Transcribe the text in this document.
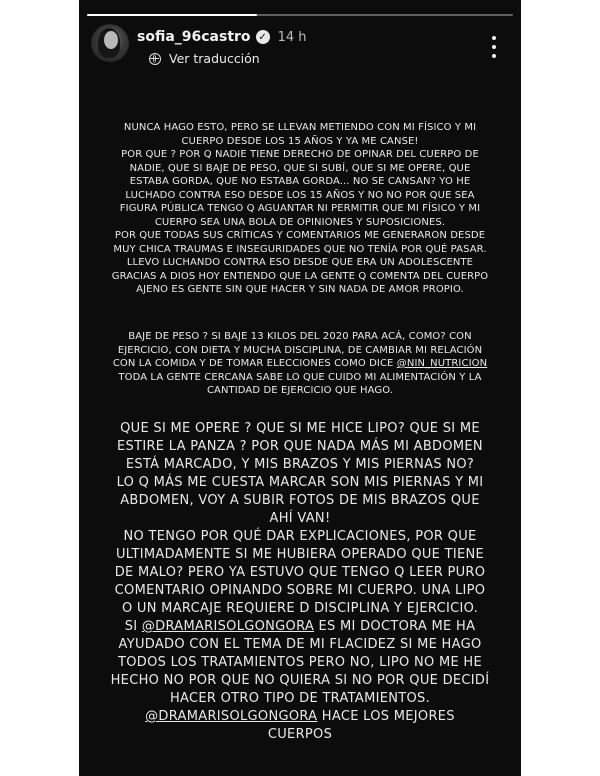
sofia_96castro ✓ 14 h
Ver traducción

NUNCA HAGO ESTO, PERO SE LLEVAN METIENDO CON MI FÍSICO Y MI
CUERPO DESDE LOS 15 AÑOS Y YA ME CANSE!
POR QUE ? POR Q NADIE TIENE DERECHO DE OPINAR DEL CUERPO DE
NADIE, QUE SI BAJE DE PESO, QUE SI SUBÍ, QUE SI ME OPERE, QUE
ESTABA GORDA, QUE NO ESTABA GORDA... NO SE CANSAN? YO HE
LUCHADO CONTRA ESO DESDE LOS 15 AÑOS Y NO NO POR QUE SEA
FIGURA PÚBLICA TENGO Q AGUANTAR NI PERMITIR QUE MI FÍSICO Y MI
CUERPO SEA UNA BOLA DE OPINIONES Y SUPOSICIONES.
POR QUE TODAS SUS CRÍTICAS Y COMENTARIOS ME GENERARON DESDE
MUY CHICA TRAUMAS E INSEGURIDADES QUE NO TENÍA POR QUÉ PASAR.
LLEVO LUCHANDO CONTRA ESO DESDE QUE ERA UN ADOLESCENTE
GRACIAS A DIOS HOY ENTIENDO QUE LA GENTE Q COMENTA DEL CUERPO
AJENO ES GENTE SIN QUE HACER Y SIN NADA DE AMOR PROPIO.

BAJE DE PESO ? SI BAJE 13 KILOS DEL 2020 PARA ACÁ, COMO? CON
EJERCICIO, CON DIETA Y MUCHA DISCIPLINA, DE CAMBIAR MI RELACIÓN
CON LA COMIDA Y DE TOMAR ELECCIONES COMO DICE @NIN_NUTRICION
TODA LA GENTE CERCANA SABE LO QUE CUIDO MI ALIMENTACIÓN Y LA
CANTIDAD DE EJERCICIO QUE HAGO.

QUE SI ME OPERE ? QUE SI ME HICE LIPO? QUE SI ME
ESTIRE LA PANZA ? POR QUE NADA MÁS MI ABDOMEN
ESTÁ MARCADO, Y MIS BRAZOS Y MIS PIERNAS NO?
LO Q MÁS ME CUESTA MARCAR SON MIS PIERNAS Y MI
ABDOMEN, VOY A SUBIR FOTOS DE MIS BRAZOS QUE
AHÍ VAN!
NO TENGO POR QUÉ DAR EXPLICACIONES, POR QUE
ULTIMADAMENTE SI ME HUBIERA OPERADO QUE TIENE
DE MALO? PERO YA ESTUVO QUE TENGO Q LEER PURO
COMENTARIO OPINANDO SOBRE MI CUERPO. UNA LIPO
O UN MARCAJE REQUIERE D DISCIPLINA Y EJERCICIO.
SI @DRAMARISOLGONGORA ES MI DOCTORA ME HA
AYUDADO CON EL TEMA DE MI FLACIDEZ SI ME HAGO
TODOS LOS TRATAMIENTOS PERO NO, LIPO NO ME HE
HECHO NO POR QUE NO QUIERA SI NO POR QUE DECIDÍ
HACER OTRO TIPO DE TRATAMIENTOS.
@DRAMARISOLGONGORA HACE LOS MEJORES
CUERPOS
